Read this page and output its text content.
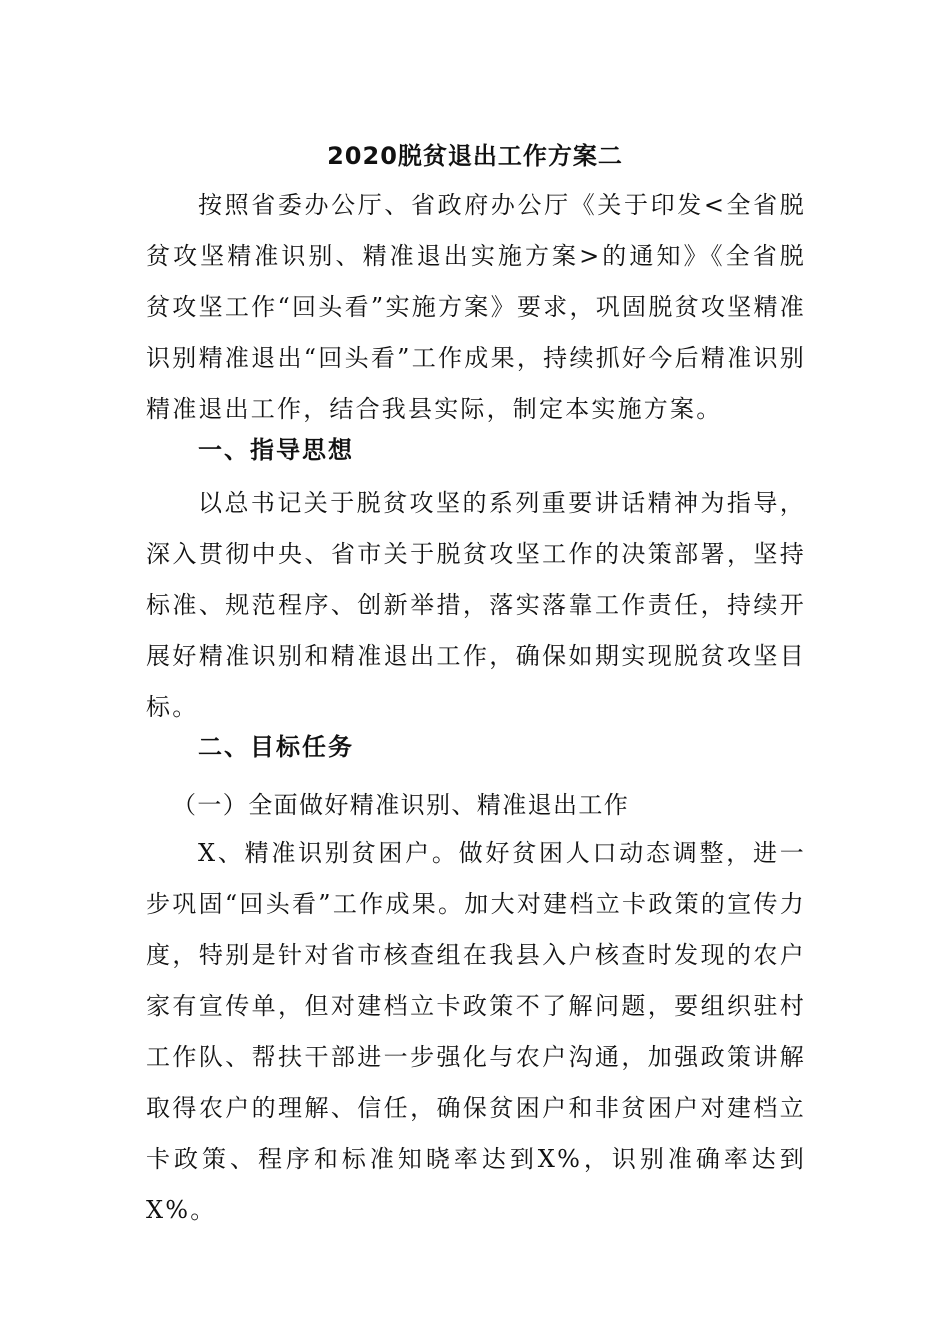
2020脱贫退出工作方案二
按照省委办公厅、省政府办公厅《关于印发<全省脱贫攻坚精准识别、精准退出实施方案>的通知》《全省脱贫攻坚工作“回头看”实施方案》要求，巩固脱贫攻坚精准识别精准退出“回头看”工作成果，持续抓好今后精准识别精准退出工作，结合我县实际，制定本实施方案。
一、指导思想
以总书记关于脱贫攻坚的系列重要讲话精神为指导，深入贯彻中央、省市关于脱贫攻坚工作的决策部署，坚持标准、规范程序、创新举措，落实落靠工作责任，持续开展好精准识别和精准退出工作，确保如期实现脱贫攻坚目标。
二、目标任务
（一）全面做好精准识别、精准退出工作
X、精准识别贫困户。做好贫困人口动态调整，进一步巩固“回头看”工作成果。加大对建档立卡政策的宣传力度，特别是针对省市核查组在我县入户核查时发现的农户家有宣传单，但对建档立卡政策不了解问题，要组织驻村工作队、帮扶干部进一步强化与农户沟通，加强政策讲解取得农户的理解、信任，确保贫困户和非贫困户对建档立卡政策、程序和标准知晓率达到X%，识别准确率达到X%。
